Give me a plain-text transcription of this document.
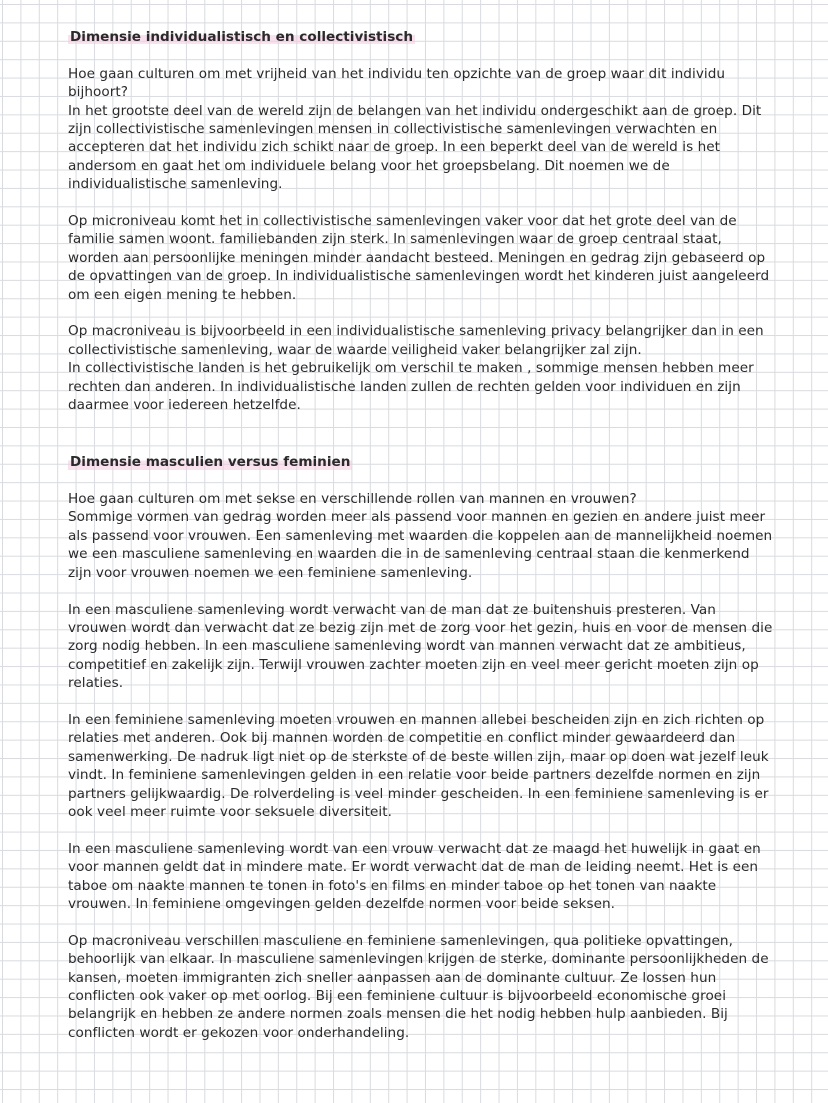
Dimensie individualistisch en collectivistisch

Hoe gaan culturen om met vrijheid van het individu ten opzichte van de groep waar dit individu bijhoort?

In het grootste deel van de wereld zijn de belangen van het individu ondergeschikt aan de groep. Dit zijn collectivistische samenlevingen mensen in collectivistische samenlevingen verwachten en accepteren dat het individu zich schikt naar de groep. In een beperkt deel van de wereld is het andersom en gaat het om individuele belang voor het groepsbelang. Dit noemen we de individualistische samenleving.

Op microniveau komt het in collectivistische samenlevingen vaker voor dat het grote deel van de familie samen woont. familiebanden zijn sterk. In samenlevingen waar de groep centraal staat, worden aan persoonlijke meningen minder aandacht besteed. Meningen en gedrag zijn gebaseerd op de opvattingen van de groep. In individualistische samenlevingen wordt het kinderen juist aangeleerd om een eigen mening te hebben.

Op macroniveau is bijvoorbeeld in een individualistische samenleving privacy belangrijker dan in een collectivistische samenleving, waar de waarde veiligheid vaker belangrijker zal zijn.

In collectivistische landen is het gebruikelijk om verschil te maken , sommige mensen hebben meer rechten dan anderen. In individualistische landen zullen de rechten gelden voor individuen en zijn daarmee voor iedereen hetzelfde.

Dimensie masculien versus feminien

Hoe gaan culturen om met sekse en verschillende rollen van mannen en vrouwen?

Sommige vormen van gedrag worden meer als passend voor mannen en gezien en andere juist meer als passend voor vrouwen. Een samenleving met waarden die koppelen aan de mannelijkheid noemen we een masculiene samenleving en waarden die in de samenleving centraal staan die kenmerkend zijn voor vrouwen noemen we een feminiene samenleving.

In een masculiene samenleving wordt verwacht van de man dat ze buitenshuis presteren. Van vrouwen wordt dan verwacht dat ze bezig zijn met de zorg voor het gezin, huis en voor de mensen die zorg nodig hebben. In een masculiene samenleving wordt van mannen verwacht dat ze ambitieus, competitief en zakelijk zijn. Terwijl vrouwen zachter moeten zijn en veel meer gericht moeten zijn op relaties.

In een feminiene samenleving moeten vrouwen en mannen allebei bescheiden zijn en zich richten op relaties met anderen. Ook bij mannen worden de competitie en conflict minder gewaardeerd dan samenwerking. De nadruk ligt niet op de sterkste of de beste willen zijn, maar op doen wat jezelf leuk vindt. In feminiene samenlevingen gelden in een relatie voor beide partners dezelfde normen en zijn partners gelijkwaardig. De rolverdeling is veel minder gescheiden. In een feminiene samenleving is er ook veel meer ruimte voor seksuele diversiteit.

In een masculiene samenleving wordt van een vrouw verwacht dat ze maagd het huwelijk in gaat en voor mannen geldt dat in mindere mate. Er wordt verwacht dat de man de leiding neemt. Het is een taboe om naakte mannen te tonen in foto's en films en minder taboe op het tonen van naakte vrouwen. In feminiene omgevingen gelden dezelfde normen voor beide seksen.

Op macroniveau verschillen masculiene en feminiene samenlevingen, qua politieke opvattingen, behoorlijk van elkaar. In masculiene samenlevingen krijgen de sterke, dominante persoonlijkheden de kansen, moeten immigranten zich sneller aanpassen aan de dominante cultuur. Ze lossen hun conflicten ook vaker op met oorlog. Bij een feminiene cultuur is bijvoorbeeld economische groei belangrijk en hebben ze andere normen zoals mensen die het nodig hebben hulp aanbieden. Bij conflicten wordt er gekozen voor onderhandeling.
